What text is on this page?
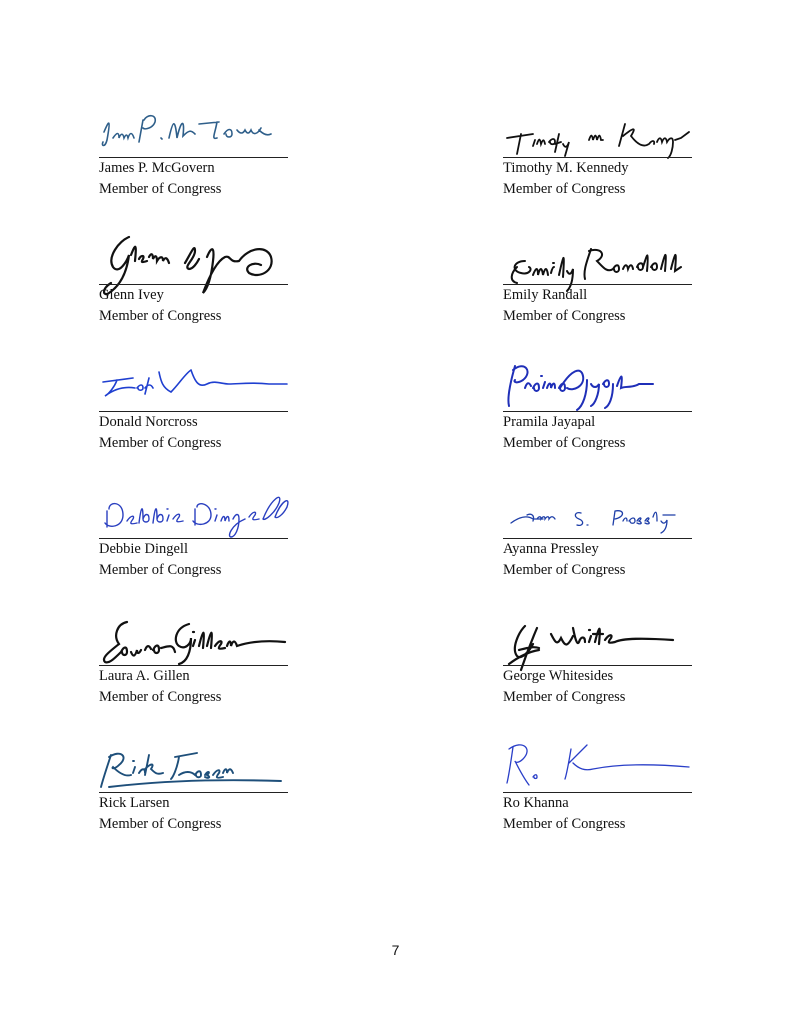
James P. McGovern
Member of Congress
Timothy M. Kennedy
Member of Congress
Glenn Ivey
Member of Congress
Emily Randall
Member of Congress
Donald Norcross
Member of Congress
Pramila Jayapal
Member of Congress
Debbie Dingell
Member of Congress
Ayanna Pressley
Member of Congress
Laura A. Gillen
Member of Congress
George Whitesides
Member of Congress
Rick Larsen
Member of Congress
Ro Khanna
Member of Congress
7
